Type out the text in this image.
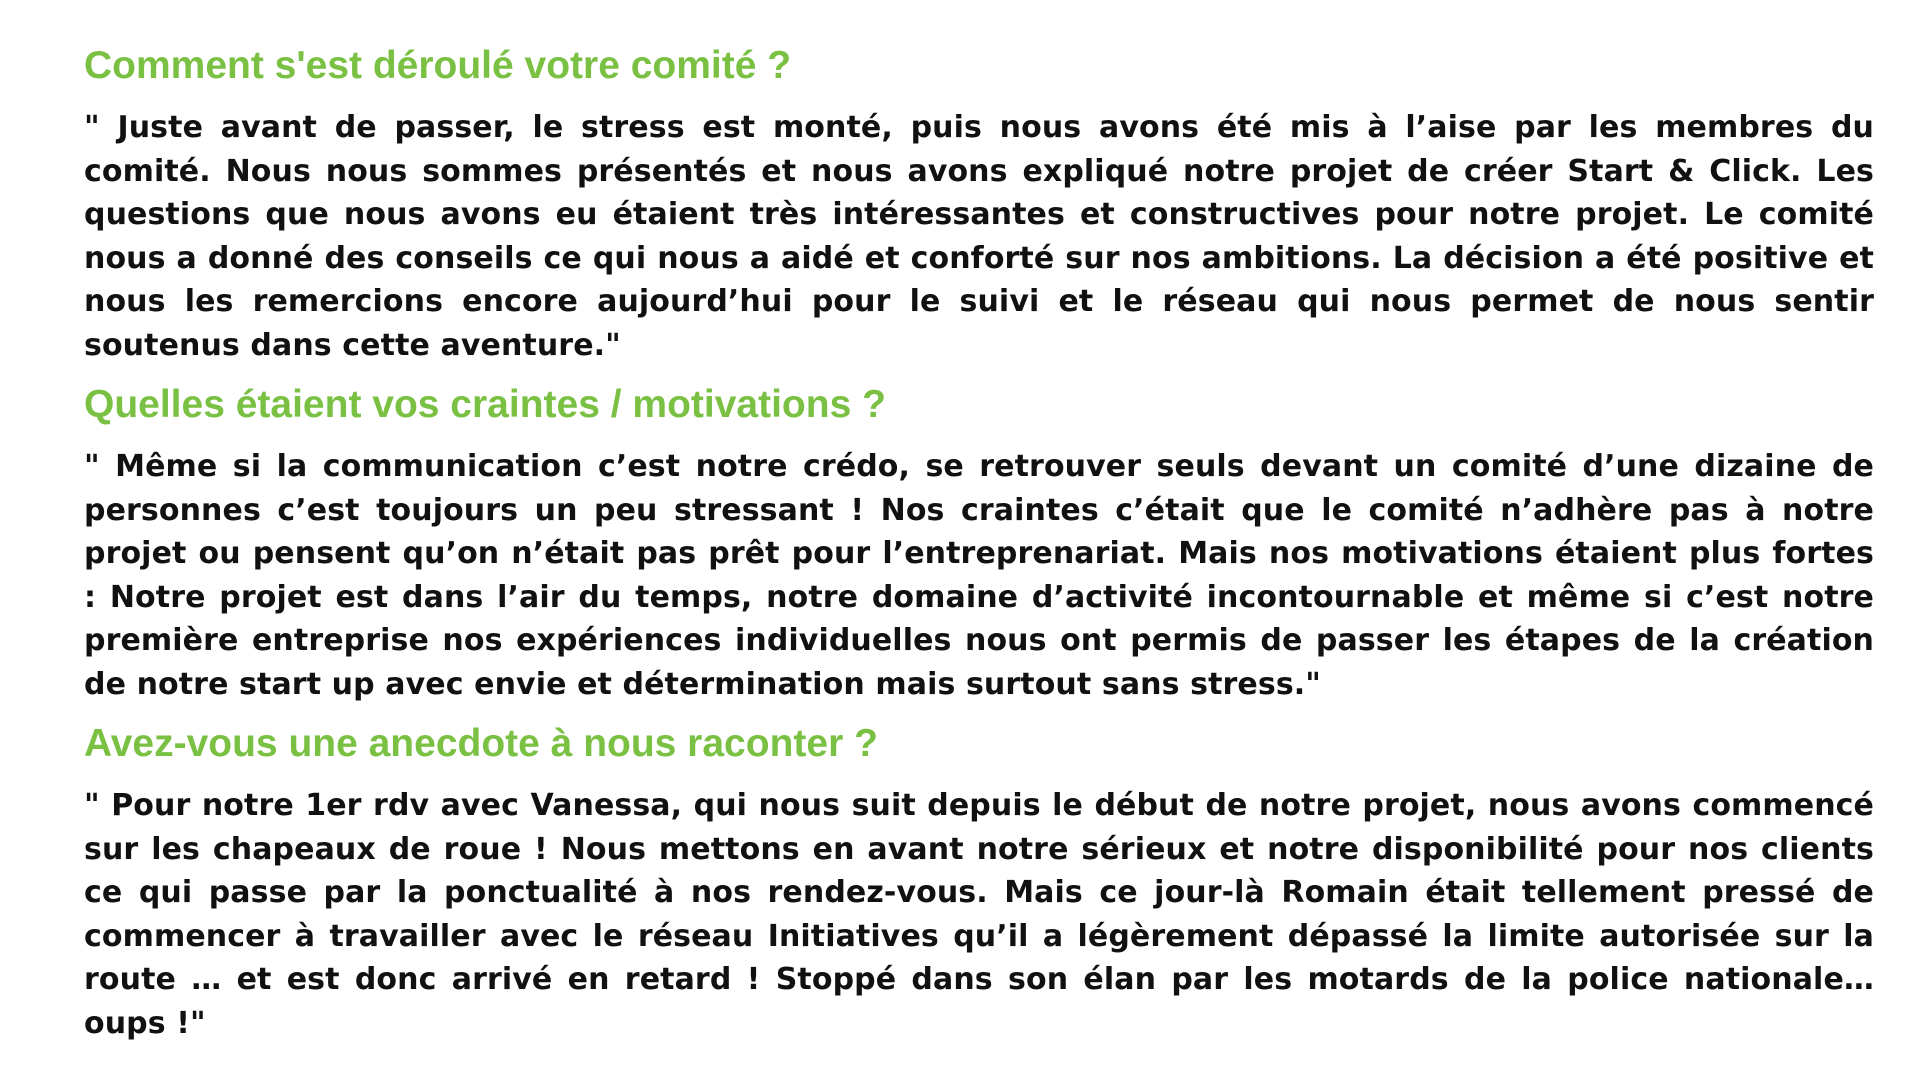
Comment s'est déroulé votre comité ?

" Juste avant de passer, le stress est monté, puis nous avons été mis à l’aise par les membres du comité. Nous nous sommes présentés et nous avons expliqué notre projet de créer Start & Click. Les questions que nous avons eu étaient très intéressantes et constructives pour notre projet. Le comité nous a donné des conseils ce qui nous a aidé et conforté sur nos ambitions. La décision a été positive et nous les remercions encore aujourd’hui pour le suivi et le réseau qui nous permet de nous sentir soutenus dans cette aventure."

Quelles étaient vos craintes / motivations ?

" Même si la communication c’est notre crédo, se retrouver seuls devant un comité d’une dizaine de personnes c’est toujours un peu stressant ! Nos craintes c’était que le comité n’adhère pas à notre projet ou pensent qu’on n’était pas prêt pour l’entreprenariat. Mais nos motivations étaient plus fortes : Notre projet est dans l’air du temps, notre domaine d’activité incontournable et même si c’est notre première entreprise nos expériences individuelles nous ont permis de passer les étapes de la création de notre start up avec envie et détermination mais surtout sans stress."

Avez-vous une anecdote à nous raconter ?

" Pour notre 1er rdv avec Vanessa, qui nous suit depuis le début de notre projet, nous avons commencé sur les chapeaux de roue ! Nous mettons en avant notre sérieux et notre disponibilité pour nos clients ce qui passe par la ponctualité à nos rendez-vous. Mais ce jour-là Romain était tellement pressé de commencer à travailler avec le réseau Initiatives qu’il a légèrement dépassé la limite autorisée sur la route … et est donc arrivé en retard ! Stoppé dans son élan par les motards de la police nationale… oups !"
